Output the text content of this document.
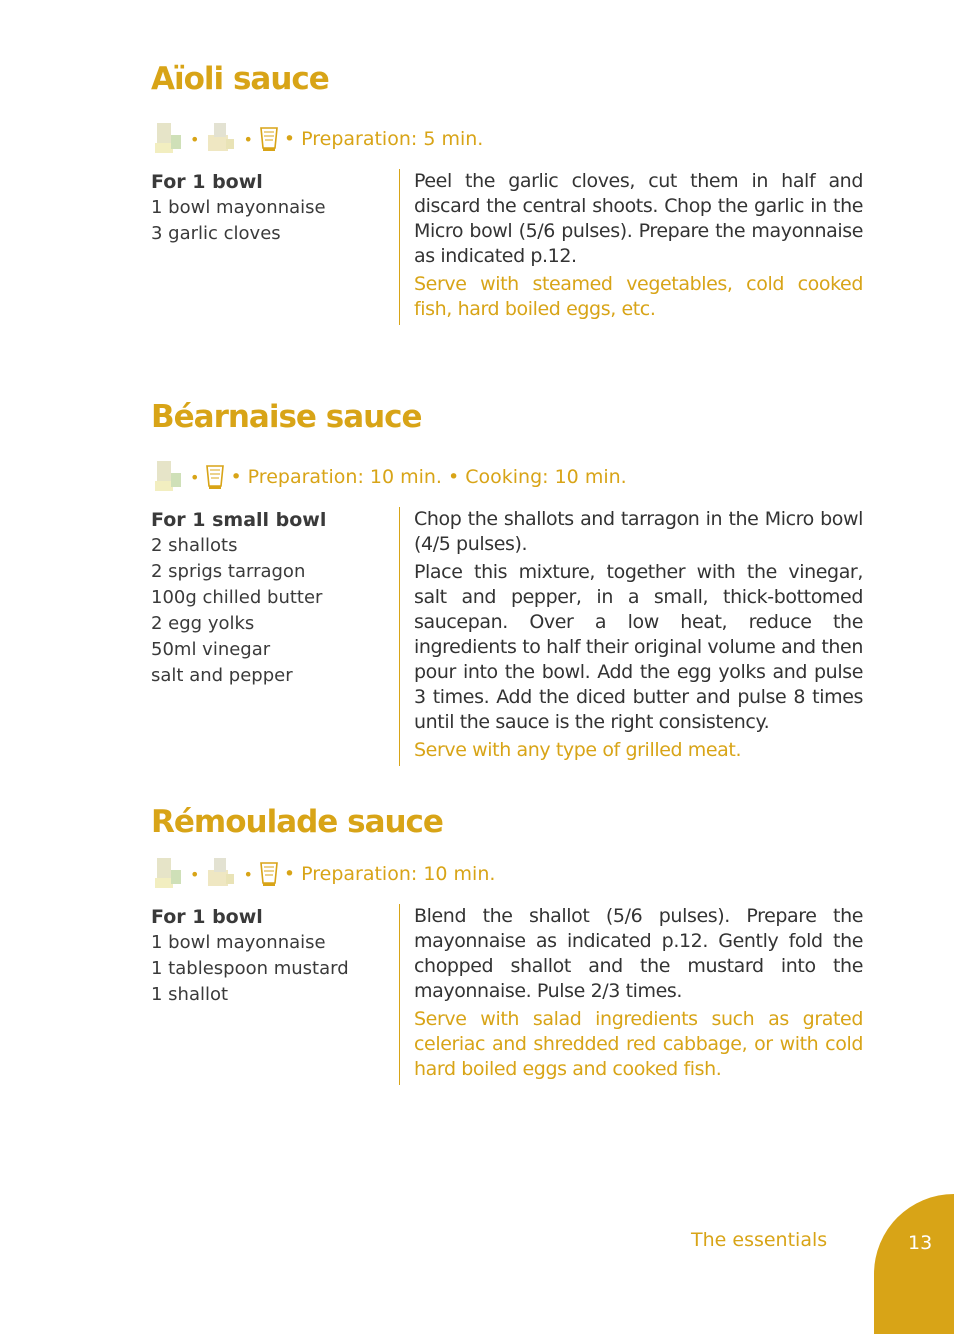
Aïoli sauce
•	• • Preparation: 5 min.
For 1 bowl
1 bowl mayonnaise
3 garlic cloves

Peel the garlic cloves, cut them in half and discard the central shoots. Chop the garlic in the Micro bowl (5/6 pulses). Prepare the mayonnaise as indicated p.12.

Serve with steamed vegetables, cold cooked fish, hard boiled eggs, etc.

Béarnaise sauce
• • Preparation: 10 min. • Cooking: 10 min.
For 1 small bowl
2 shallots
2 sprigs tarragon
100g chilled butter
2 egg yolks
50ml vinegar
salt and pepper

Chop the shallots and tarragon in the Micro bowl (4/5 pulses).

Place this mixture, together with the vinegar, salt and pepper, in a small, thick-bottomed saucepan. Over a low heat, reduce the ingredients to half their original volume and then pour into the bowl. Add the egg yolks and pulse 3 times. Add the diced butter and pulse 8 times until the sauce is the right consistency.

Serve with any type of grilled meat.

Rémoulade sauce
•	• • Preparation: 10 min.
For 1 bowl
1 bowl mayonnaise
1 tablespoon mustard
1 shallot

Blend the shallot (5/6 pulses). Prepare the mayonnaise as indicated p.12. Gently fold the chopped shallot and the mustard into the mayonnaise. Pulse 2/3 times.

Serve with salad ingredients such as grated celeriac and shredded red cabbage, or with cold hard boiled eggs and cooked fish.

The essentials	13
